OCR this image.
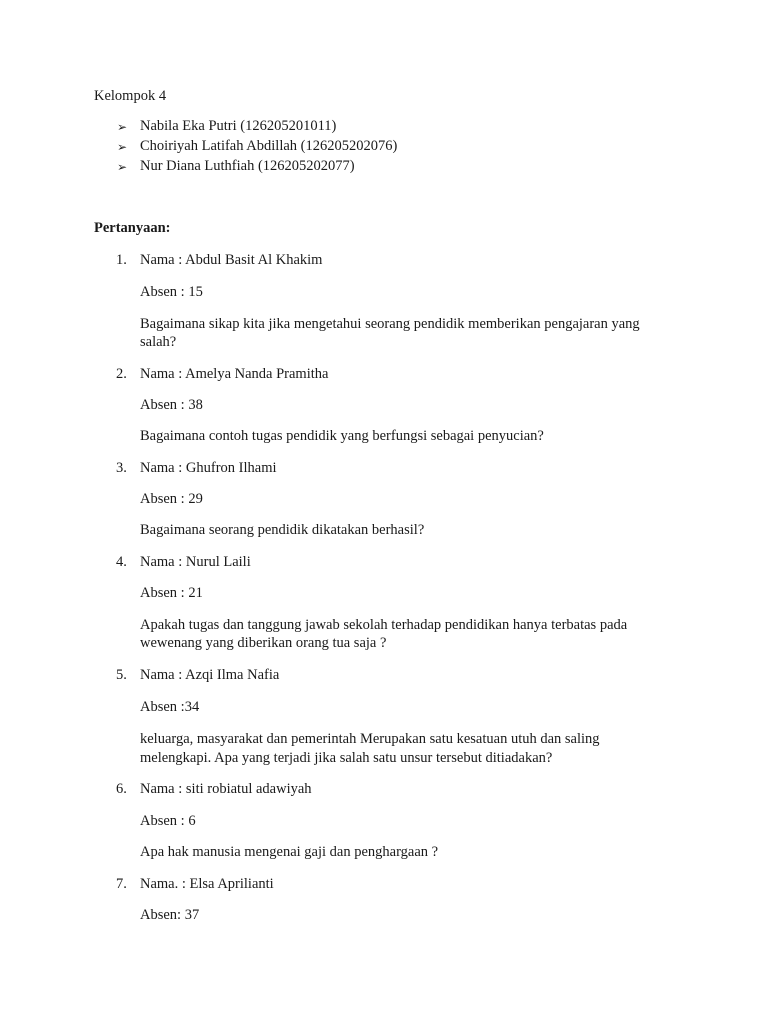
Kelompok 4
➢ Nabila Eka Putri (126205201011)
➢ Choiriyah Latifah Abdillah (126205202076)
➢ Nur Diana Luthfiah (126205202077)
Pertanyaan:
1. Nama : Abdul Basit Al Khakim
Absen : 15
Bagaimana sikap kita jika mengetahui seorang pendidik memberikan pengajaran yang
salah?
2. Nama : Amelya Nanda Pramitha
Absen : 38
Bagaimana contoh tugas pendidik yang berfungsi sebagai penyucian?
3. Nama : Ghufron Ilhami
Absen : 29
Bagaimana seorang pendidik dikatakan berhasil?
4. Nama : Nurul Laili
Absen : 21
Apakah tugas dan tanggung jawab sekolah terhadap pendidikan hanya terbatas pada
wewenang yang diberikan orang tua saja ?
5. Nama : Azqi Ilma Nafia
Absen :34
keluarga, masyarakat dan pemerintah Merupakan satu kesatuan utuh dan saling
melengkapi. Apa yang terjadi jika salah satu unsur tersebut ditiadakan?
6. Nama : siti robiatul adawiyah
Absen : 6
Apa hak manusia mengenai gaji dan penghargaan ?
7. Nama. : Elsa Aprilianti
Absen: 37
